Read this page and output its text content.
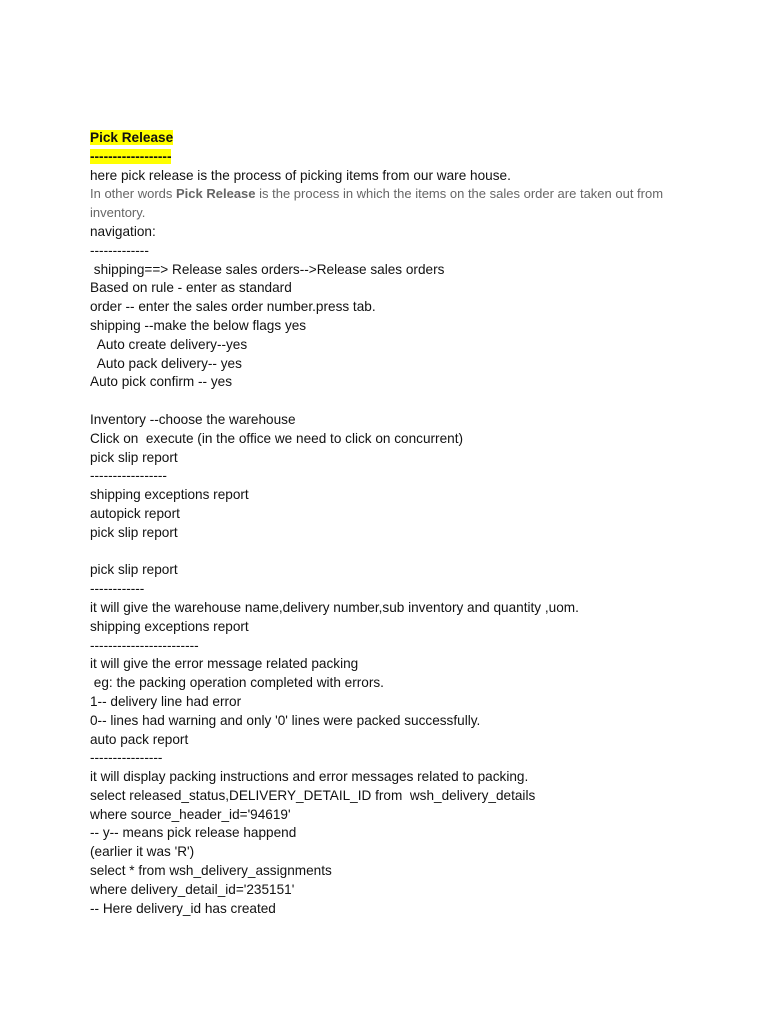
Pick Release
------------------
here pick release is the process of picking items from our ware house.
In other words Pick Release is the process in which the items on the sales order are taken out from
inventory.
navigation:
-------------
shipping==> Release sales orders-->Release sales orders
Based on rule - enter as standard
order -- enter the sales order number.press tab.
shipping --make the below flags yes
Auto create delivery--yes
Auto pack delivery-- yes
Auto pick confirm -- yes
Inventory --choose the warehouse
Click on  execute (in the office we need to click on concurrent)
pick slip report
-----------------
shipping exceptions report
autopick report
pick slip report
pick slip report
------------
it will give the warehouse name,delivery number,sub inventory and quantity ,uom.
shipping exceptions report
------------------------
it will give the error message related packing
eg: the packing operation completed with errors.
1-- delivery line had error
0-- lines had warning and only '0' lines were packed successfully.
auto pack report
----------------
it will display packing instructions and error messages related to packing.
select released_status,DELIVERY_DETAIL_ID from  wsh_delivery_details
where source_header_id='94619'
-- y-- means pick release happend
(earlier it was 'R')
select * from wsh_delivery_assignments
where delivery_detail_id='235151'
-- Here delivery_id has created
